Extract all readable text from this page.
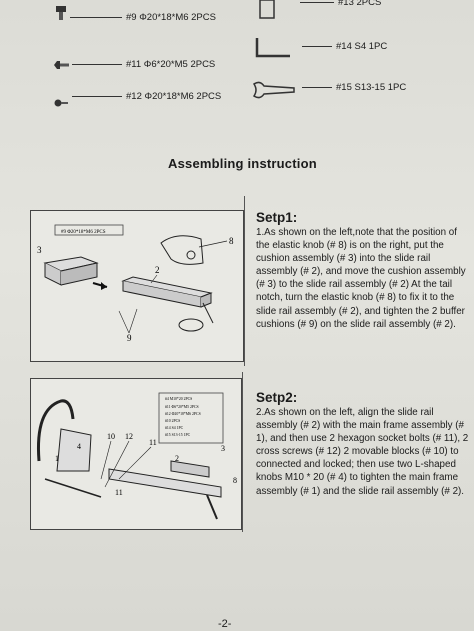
#9 Φ20*18*M6 2PCS
#13 2PCS
#11 Φ6*20*M5 2PCS
#14 S4 1PC
#12 Φ20*18*M6 2PCS
#15 S13-15 1PC
Assembling instruction
#9 Φ20*18*M6 2PCS
3
8
2
9
Setp1:
1.As shown on the left,note that the position of the elastic knob (# 8) is on the right, put the cushion assembly (# 3) into the slide rail assembly (# 2), and move the cushion assembly (# 3) to the slide rail assembly (# 2) At the tail notch, turn the elastic knob (# 8) to fix it to the slide rail assembly (# 2), and tighten the 2 buffer cushions (# 9) on the slide rail assembly (# 2).
#4 M10*20 2PCS
#11 Φ6*20*M5 2PCS
#12 Φ20*18*M6 2PCS
#10 2PCS
#14 S4 1PC
#15 S13-15 1PC
10 12
11
4
2
3
8
1
11
Setp2:
2.As shown on the left, align the slide rail assembly (# 2) with the main frame assembly (# 1), and then use 2 hexagon socket bolts (# 11), 2 cross screws (# 12) 2 movable blocks (# 10) to connected and locked; then use two L-shaped knobs M10 * 20 (# 4) to tighten the main frame assembly (# 1) and the slide rail assembly (# 2).
-2-
